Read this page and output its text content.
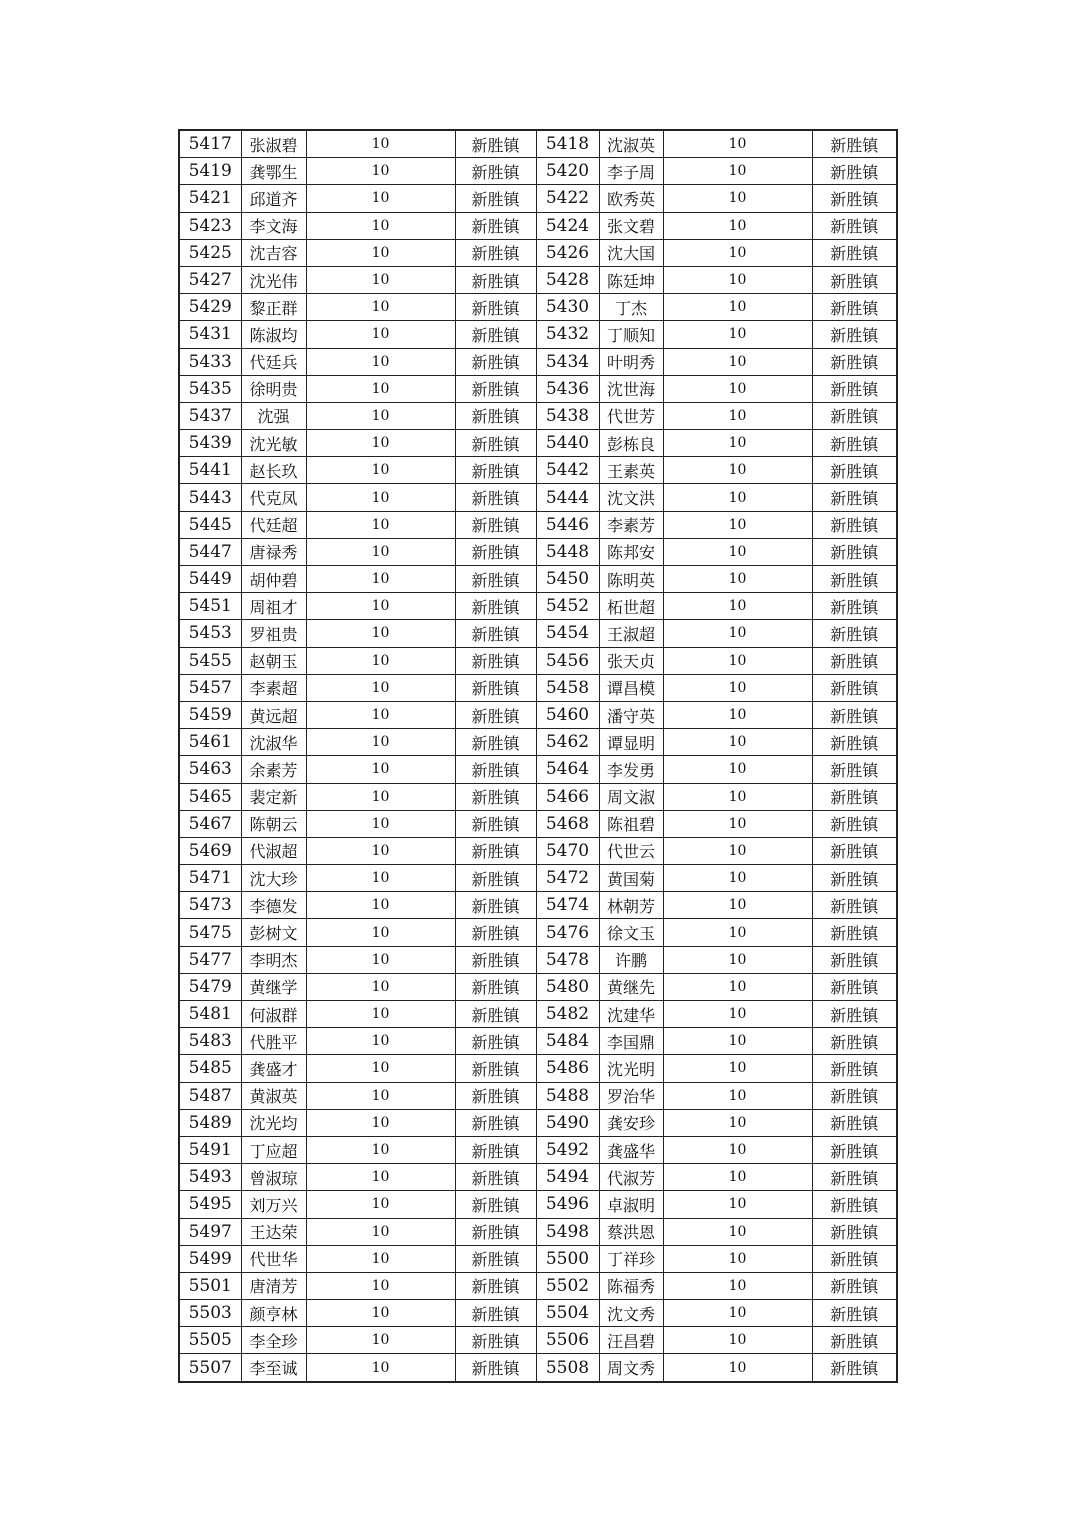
5417	张淑碧	10	新胜镇	5418	沈淑英	10	新胜镇
5419	龚鄂生	10	新胜镇	5420	李子周	10	新胜镇
5421	邱道齐	10	新胜镇	5422	欧秀英	10	新胜镇
5423	李文海	10	新胜镇	5424	张文碧	10	新胜镇
5425	沈吉容	10	新胜镇	5426	沈大国	10	新胜镇
5427	沈光伟	10	新胜镇	5428	陈廷坤	10	新胜镇
5429	黎正群	10	新胜镇	5430	丁杰	10	新胜镇
5431	陈淑均	10	新胜镇	5432	丁顺知	10	新胜镇
5433	代廷兵	10	新胜镇	5434	叶明秀	10	新胜镇
5435	徐明贵	10	新胜镇	5436	沈世海	10	新胜镇
5437	沈强	10	新胜镇	5438	代世芳	10	新胜镇
5439	沈光敏	10	新胜镇	5440	彭栋良	10	新胜镇
5441	赵长玖	10	新胜镇	5442	王素英	10	新胜镇
5443	代克凤	10	新胜镇	5444	沈文洪	10	新胜镇
5445	代廷超	10	新胜镇	5446	李素芳	10	新胜镇
5447	唐禄秀	10	新胜镇	5448	陈邦安	10	新胜镇
5449	胡仲碧	10	新胜镇	5450	陈明英	10	新胜镇
5451	周祖才	10	新胜镇	5452	柘世超	10	新胜镇
5453	罗祖贵	10	新胜镇	5454	王淑超	10	新胜镇
5455	赵朝玉	10	新胜镇	5456	张天贞	10	新胜镇
5457	李素超	10	新胜镇	5458	谭昌模	10	新胜镇
5459	黄远超	10	新胜镇	5460	潘守英	10	新胜镇
5461	沈淑华	10	新胜镇	5462	谭显明	10	新胜镇
5463	余素芳	10	新胜镇	5464	李发勇	10	新胜镇
5465	裴定新	10	新胜镇	5466	周文淑	10	新胜镇
5467	陈朝云	10	新胜镇	5468	陈祖碧	10	新胜镇
5469	代淑超	10	新胜镇	5470	代世云	10	新胜镇
5471	沈大珍	10	新胜镇	5472	黄国菊	10	新胜镇
5473	李德发	10	新胜镇	5474	林朝芳	10	新胜镇
5475	彭树文	10	新胜镇	5476	徐文玉	10	新胜镇
5477	李明杰	10	新胜镇	5478	许鹏	10	新胜镇
5479	黄继学	10	新胜镇	5480	黄继先	10	新胜镇
5481	何淑群	10	新胜镇	5482	沈建华	10	新胜镇
5483	代胜平	10	新胜镇	5484	李国鼎	10	新胜镇
5485	龚盛才	10	新胜镇	5486	沈光明	10	新胜镇
5487	黄淑英	10	新胜镇	5488	罗治华	10	新胜镇
5489	沈光均	10	新胜镇	5490	龚安珍	10	新胜镇
5491	丁应超	10	新胜镇	5492	龚盛华	10	新胜镇
5493	曾淑琼	10	新胜镇	5494	代淑芳	10	新胜镇
5495	刘万兴	10	新胜镇	5496	卓淑明	10	新胜镇
5497	王达荣	10	新胜镇	5498	蔡洪恩	10	新胜镇
5499	代世华	10	新胜镇	5500	丁祥珍	10	新胜镇
5501	唐清芳	10	新胜镇	5502	陈福秀	10	新胜镇
5503	颜亨林	10	新胜镇	5504	沈文秀	10	新胜镇
5505	李全珍	10	新胜镇	5506	汪昌碧	10	新胜镇
5507	李至诚	10	新胜镇	5508	周文秀	10	新胜镇
